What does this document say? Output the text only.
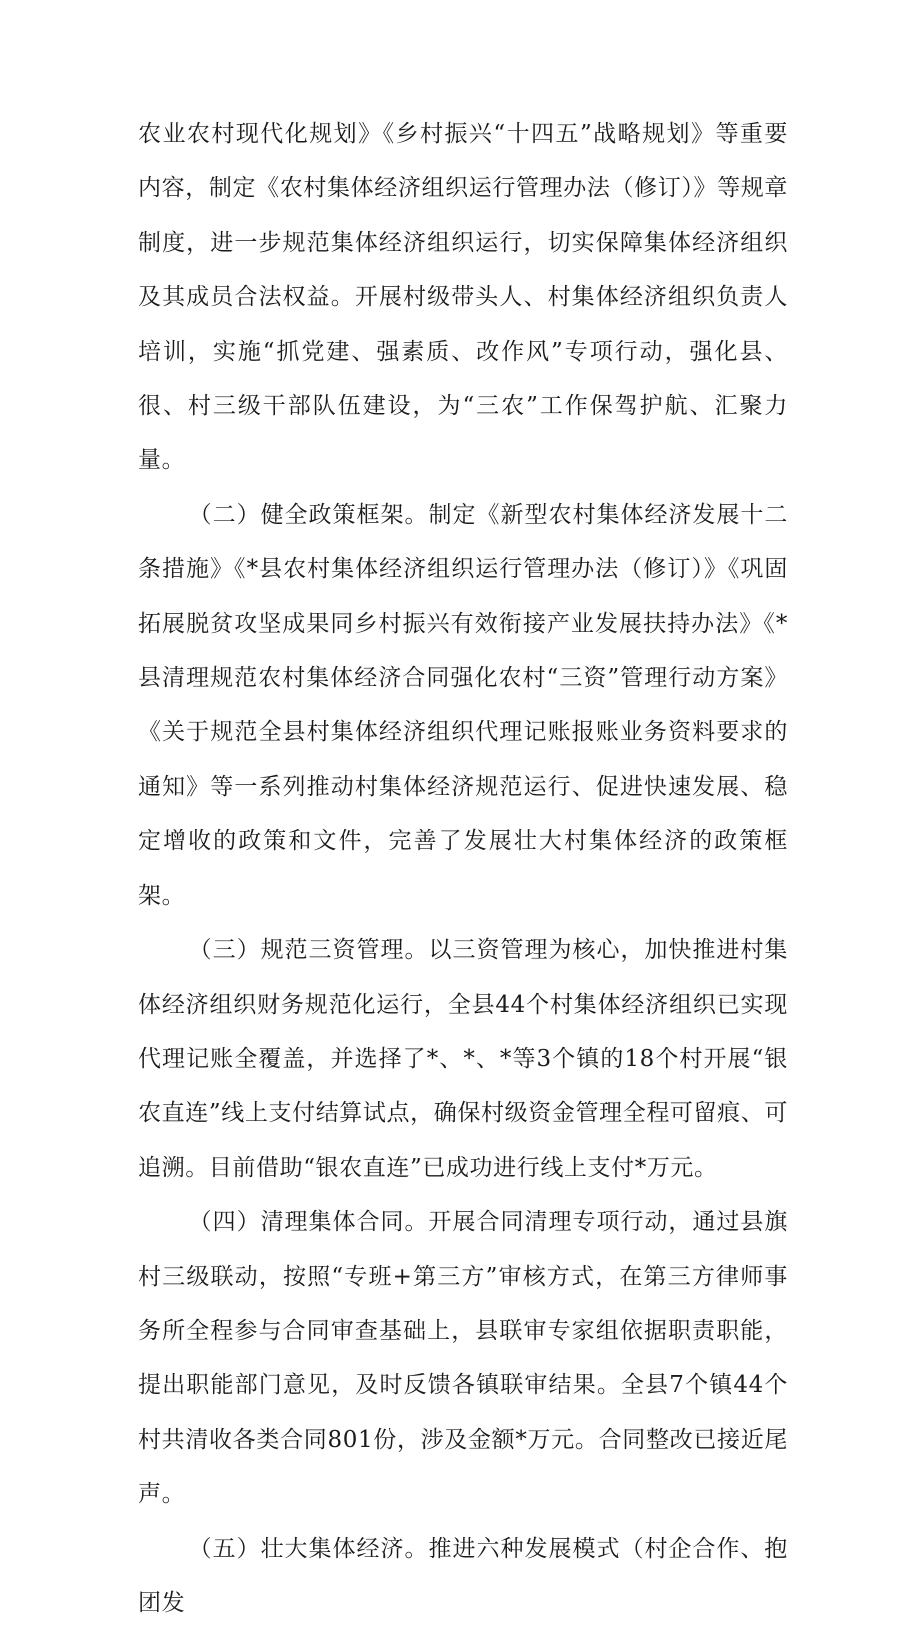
农业农村现代化规划》《乡村振兴“十四五”战略规划》等重要内容，制定《农村集体经济组织运行管理办法（修订）》等规章制度，进一步规范集体经济组织运行，切实保障集体经济组织及其成员合法权益。开展村级带头人、村集体经济组织负责人培训，实施“抓党建、强素质、改作风”专项行动，强化县、很、村三级干部队伍建设，为“三农”工作保驾护航、汇聚力量。

（二）健全政策框架。制定《新型农村集体经济发展十二条措施》《*县农村集体经济组织运行管理办法（修订）》《巩固拓展脱贫攻坚成果同乡村振兴有效衔接产业发展扶持办法》《*县清理规范农村集体经济合同强化农村“三资”管理行动方案》《关于规范全县村集体经济组织代理记账报账业务资料要求的通知》等一系列推动村集体经济规范运行、促进快速发展、稳定增收的政策和文件，完善了发展壮大村集体经济的政策框架。

（三）规范三资管理。以三资管理为核心，加快推进村集体经济组织财务规范化运行，全县44个村集体经济组织已实现代理记账全覆盖，并选择了*、*、*等3个镇的18个村开展“银农直连”线上支付结算试点，确保村级资金管理全程可留痕、可追溯。目前借助“银农直连”已成功进行线上支付*万元。

（四）清理集体合同。开展合同清理专项行动，通过县旗村三级联动，按照“专班+第三方”审核方式，在第三方律师事务所全程参与合同审查基础上，县联审专家组依据职责职能，提出职能部门意见，及时反馈各镇联审结果。全县7个镇44个村共清收各类合同801份，涉及金额*万元。合同整改已接近尾声。

（五）壮大集体经济。推进六种发展模式（村企合作、抱团发
